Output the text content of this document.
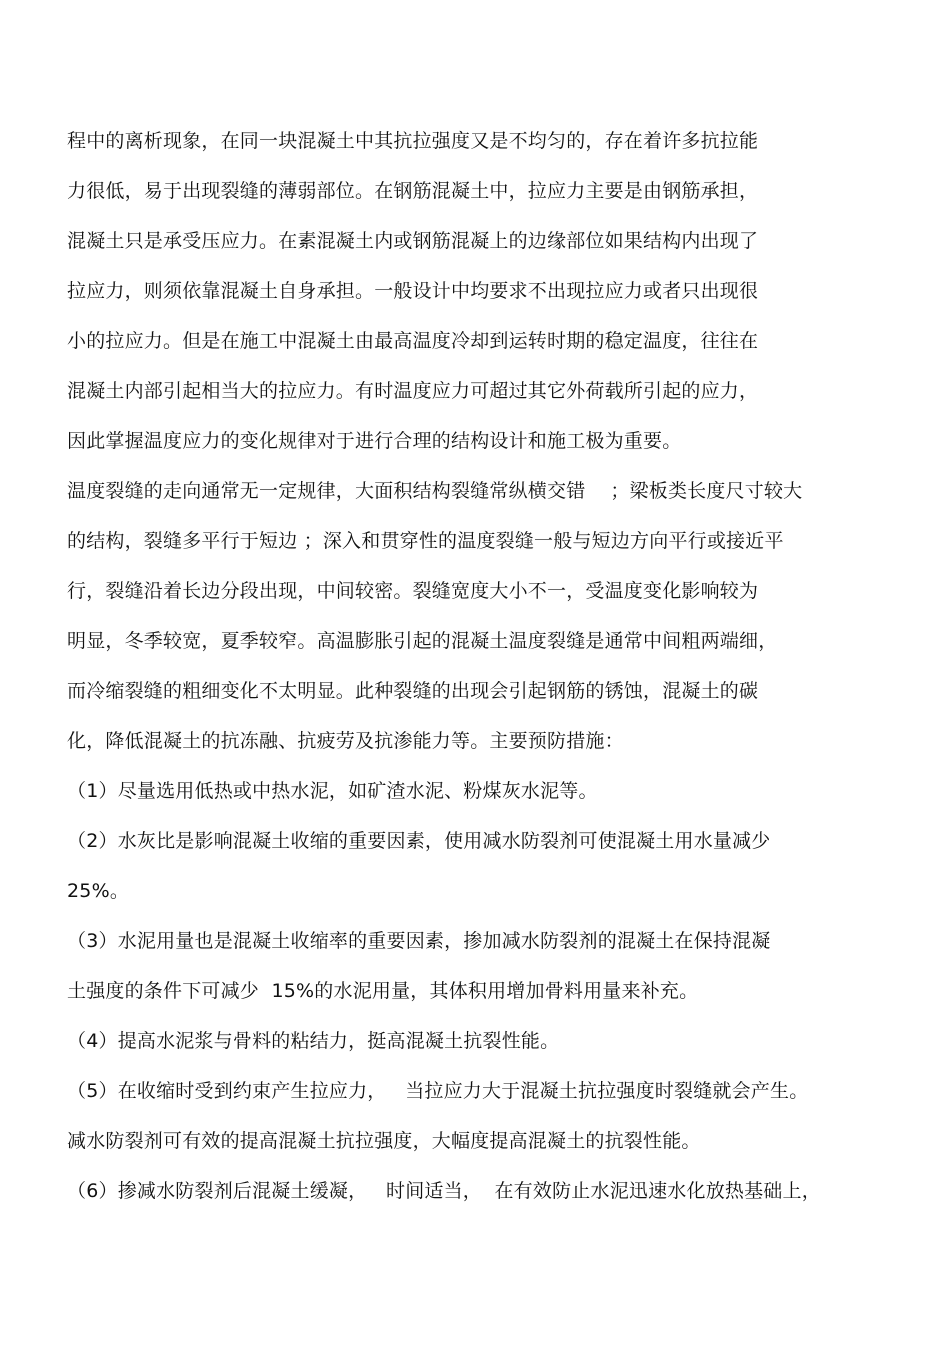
程中的离析现象，在同一块混凝土中其抗拉强度又是不均匀的，存在着许多抗拉能
力很低，易于出现裂缝的薄弱部位。在钢筋混凝土中，拉应力主要是由钢筋承担，
混凝土只是承受压应力。在素混凝土内或钢筋混凝上的边缘部位如果结构内出现了
拉应力，则须依靠混凝土自身承担。一般设计中均要求不出现拉应力或者只出现很
小的拉应力。但是在施工中混凝土由最高温度冷却到运转时期的稳定温度，往往在
混凝土内部引起相当大的拉应力。有时温度应力可超过其它外荷载所引起的应力，
因此掌握温度应力的变化规律对于进行合理的结构设计和施工极为重要。
温度裂缝的走向通常无一定规律，大面积结构裂缝常纵横交错    ；梁板类长度尺寸较大
的结构，裂缝多平行于短边 ；深入和贯穿性的温度裂缝一般与短边方向平行或接近平
行，裂缝沿着长边分段出现，中间较密。裂缝宽度大小不一，受温度变化影响较为
明显，冬季较宽，夏季较窄。高温膨胀引起的混凝土温度裂缝是通常中间粗两端细，
而冷缩裂缝的粗细变化不太明显。此种裂缝的出现会引起钢筋的锈蚀，混凝土的碳
化，降低混凝土的抗冻融、抗疲劳及抗渗能力等。主要预防措施：
（1）尽量选用低热或中热水泥，如矿渣水泥、粉煤灰水泥等。
（2）水灰比是影响混凝土收缩的重要因素，使用减水防裂剂可使混凝土用水量减少
25%。
（3）水泥用量也是混凝土收缩率的重要因素，掺加减水防裂剂的混凝土在保持混凝
土强度的条件下可减少  15%的水泥用量，其体积用增加骨料用量来补充。
（4）提高水泥浆与骨料的粘结力，挺高混凝土抗裂性能。
（5）在收缩时受到约束产生拉应力，   当拉应力大于混凝土抗拉强度时裂缝就会产生。
减水防裂剂可有效的提高混凝土抗拉强度，大幅度提高混凝土的抗裂性能。
（6）掺减水防裂剂后混凝土缓凝，   时间适当，  在有效防止水泥迅速水化放热基础上，
